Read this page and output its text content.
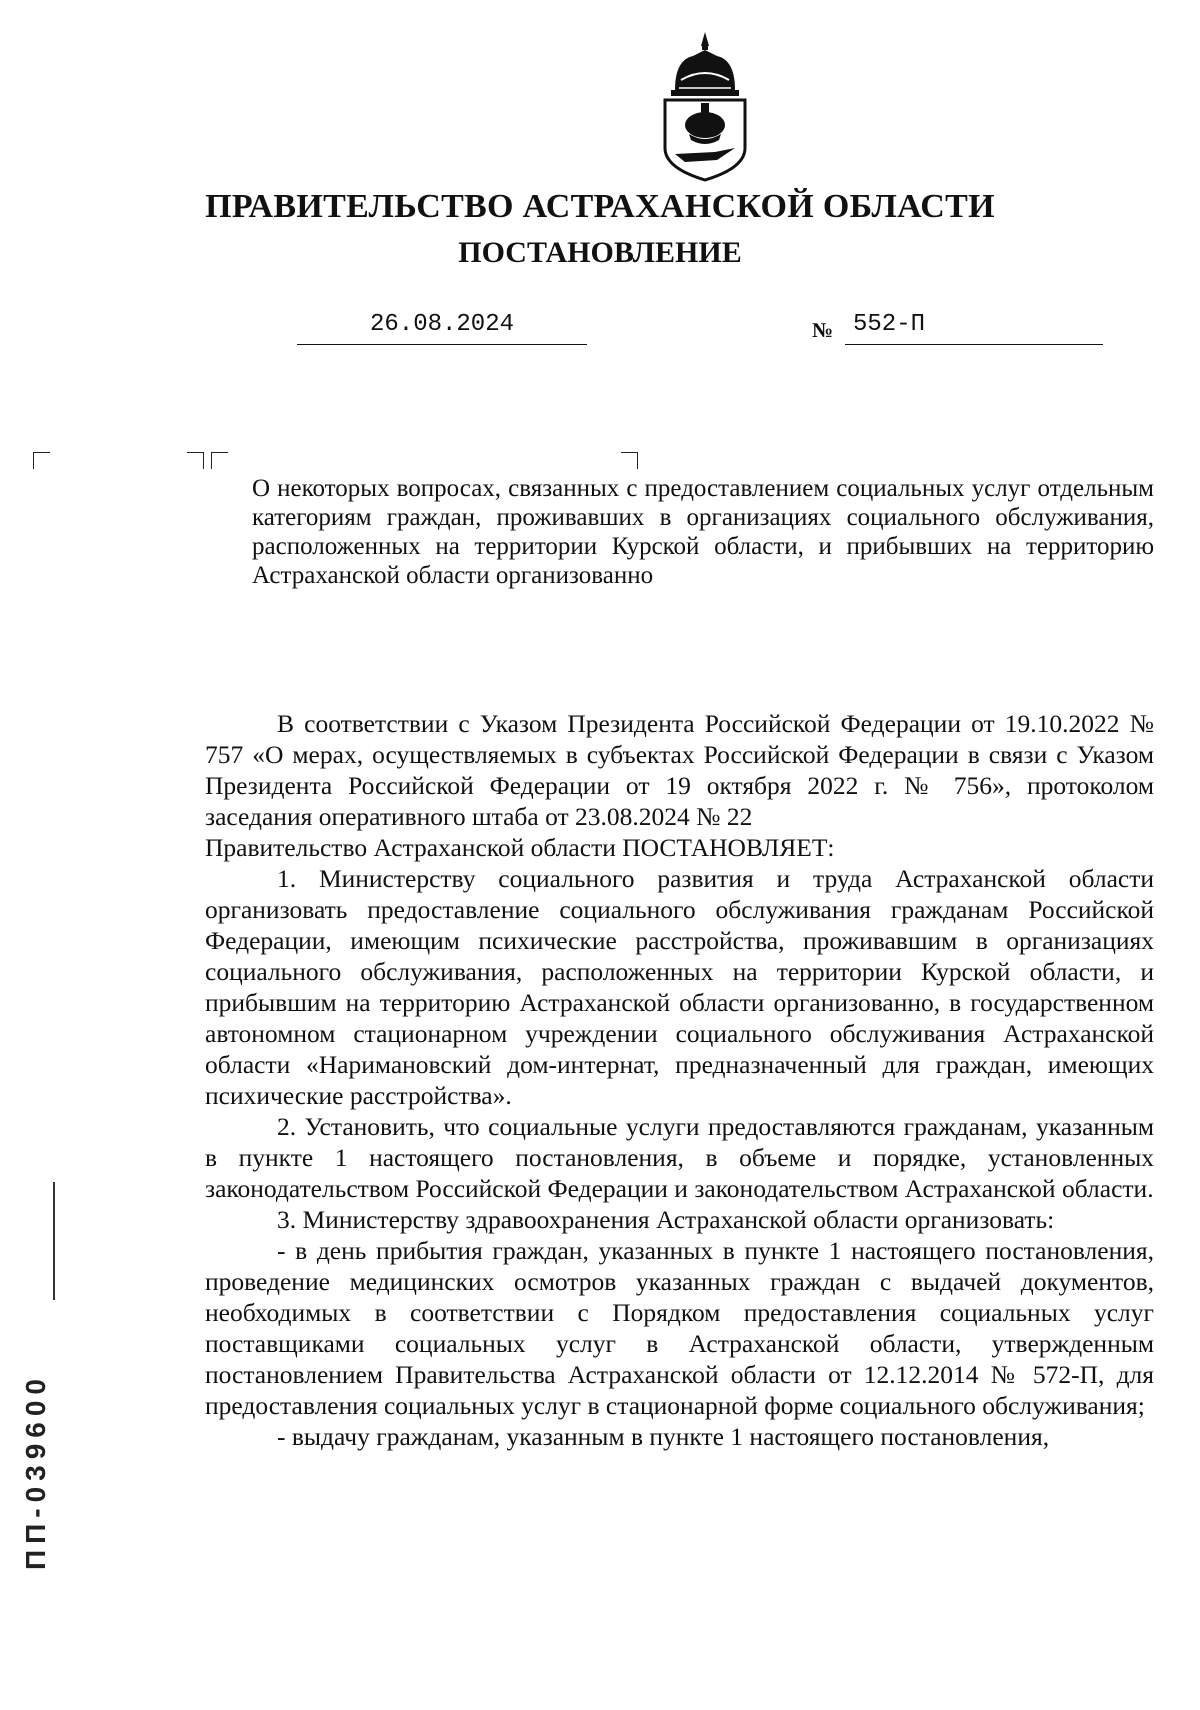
ПРАВИТЕЛЬСТВО АСТРАХАНСКОЙ ОБЛАСТИ
ПОСТАНОВЛЕНИЕ
26.08.2024	№ 552-П

О некоторых вопросах, связанных с предоставлением социальных услуг отдельным категориям граждан, проживавших в организациях социального обслуживания, расположенных на территории Курской области, и прибывших на территорию Астраханской области организованно

В соответствии с Указом Президента Российской Федерации от 19.10.2022 № 757 «О мерах, осуществляемых в субъектах Российской Федерации в связи с Указом Президента Российской Федерации от 19 октября 2022 г. № 756», протоколом заседания оперативного штаба от 23.08.2024 № 22

Правительство Астраханской области ПОСТАНОВЛЯЕТ:

1. Министерству социального развития и труда Астраханской области организовать предоставление социального обслуживания гражданам Российской Федерации, имеющим психические расстройства, проживавшим в организациях социального обслуживания, расположенных на территории Курской области, и прибывшим на территорию Астраханской области организованно, в государственном автономном стационарном учреждении социального обслуживания Астраханской области «Наримановский дом-интернат, предназначенный для граждан, имеющих психические расстройства».

2. Установить, что социальные услуги предоставляются гражданам, указанным в пункте 1 настоящего постановления, в объеме и порядке, установленных законодательством Российской Федерации и законодательством Астраханской области.

3. Министерству здравоохранения Астраханской области организовать:

- в день прибытия граждан, указанных в пункте 1 настоящего постановления, проведение медицинских осмотров указанных граждан с выдачей документов, необходимых в соответствии с Порядком предоставления социальных услуг поставщиками социальных услуг в Астраханской области, утвержденным постановлением Правительства Астраханской области от 12.12.2014 № 572-П, для предоставления социальных услуг в стационарной форме социального обслуживания;

- выдачу гражданам, указанным в пункте 1 настоящего постановления,

ПП-039600
